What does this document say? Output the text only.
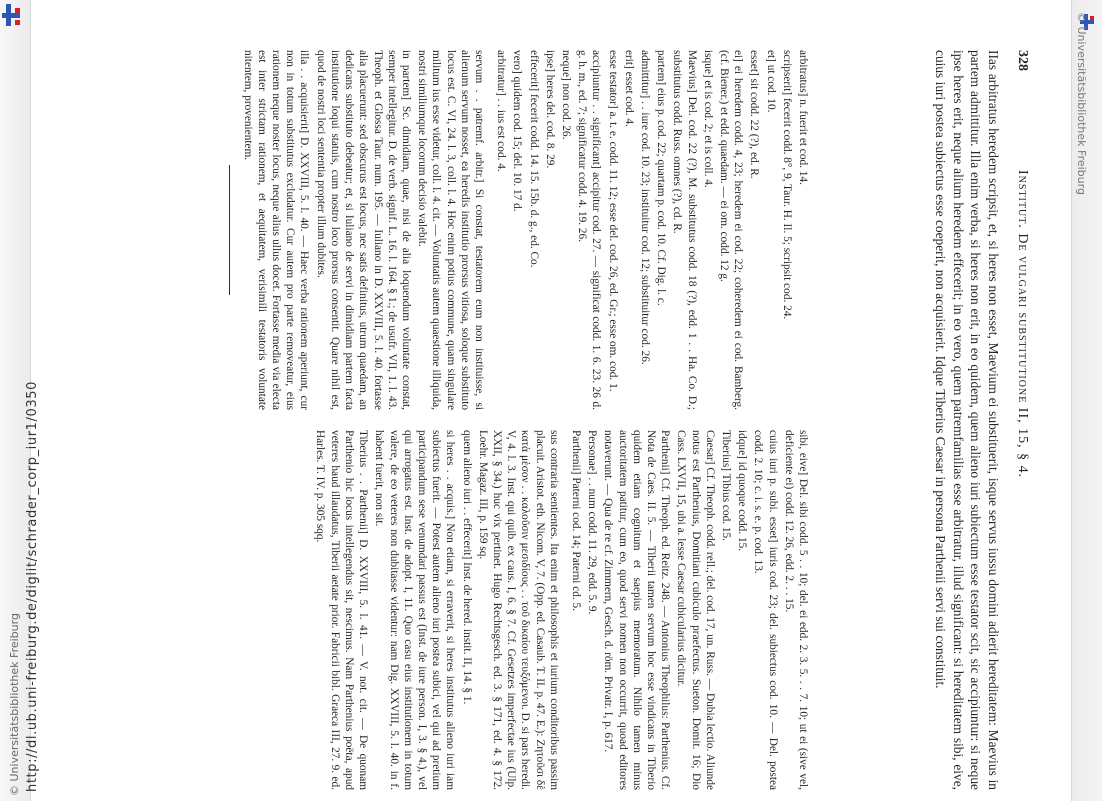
http://dl.ub.uni-freiburg.de/diglit/schrader_corp_iur1/0350
© Universitätsbibliothek Freiburg
© Universitätsbibliothek Freiburg
328
Institut. De vulgari substitutione II, 15, § 4.

IIas arbitratus heredem scripsit, et, si heres non esset, Maevium ei substituerit, isque servus iussu domini adierit hereditatem: Maevius in partem admittitur. Illa enim verba, si heres non erit, in eo quidem, quem alieno iuri subiectum esse testator scit, sic accipiuntur: si neque ipse heres erit, neque alium heredem effecerit; in eo vero, quem patremfamilias esse arbitratur, illud significant: si hereditatem sibi, eive, cuius iuri postea subiectus esse coeperit, non acquisierit. Idque Tiberius Caesar in persona Parthenii servi sui constituit.

arbitratus] n. fuerit et cod. 14.

scripserit] fecerit codd. 8°, 9, Taur. H. Il. 5; scripsit cod. 24.

et] ut cod. 10.

esset] sit codd. 22 (?), ed. R.

ei] ei heredem codd. 4, 23; heredem ei cod. 22; coheredem ei cod. Bamberg. (cf. Biener.) et edd. quaedam. — ei om. codd. 12 g.

isque] et is cod. 2; et is coll. 4.

Maevius] Del. cod. 22 (?), M. substitutus codd. 18 (?), edd. 1 . . Ha. Co. D.; substitutus codd. Russ. omnes (?), cd. R.

partem] eius p. cod. 22; quartam p. cod. 10. Cf. Dig. l. c.

admittitur] . . iure cod. 10. 23; instituitur cod. 12; substituitur cod. 26.

erit] esset cod. 4.

esse testator] a. t. e. codd. 11. 12; esse del. cod. 26, ed. Gr.; esse om. cod. 1.

accipiuntur . . significant] accipitur cod. 27. — significat codd. 1. 6. 23. 26 d. g. h. m., ed. 7; significatur codd. 4. 19. 26.

neque] non cod. 26.

ipse] heres del. cod. 8. 29.

effecerit] fecerit codd. 14. 15. 15b. d. g., ed. Co.

vero] quidem cod. 15; del. 10. 17 d.

arbitratur] . . ius est cod. 4.

servum . . patremf. arbitr.] Si constat, testatorem eum non instituisse, si alienum servum nosset, ea heredis institutio prorsus vitiosa, soloque substituto locus est. C. VI, 24. l. 3, coll. l. 4. Hoc enim potius commune, quam singulare militum ius esse videtur, coll. l. 4. cit. — Voluntatis autem quaestione illiquida, nostri similiumque locorum decisio valebit.

in partem] Sc. dimidiam, quae, nisi de alia loquendum voluntate constat, semper intellegitur. D. de verb. signif. L. 16. l. 164. § 1.; de usufr. VII, 1. l. 43. Theoph. et Glossa Taur. num. 195. — Iuliano in D. XXVIII, 5. l. 40. fortasse alia placuerunt: sed obscurus est locus, nec satis definitus, utrum quaedam, an dedicans substituto debeatur; et, si Iuliano de servi in dimidiam partem facta institutione loqui statuis, cum nostro loco prorsus consentit. Quare nihil est, quod de nostri loci sententia propter illum dubites.

illa . . acquisierit] D. XXVIII, 5. l. 40. — Haec verba rationem aperiunt, cur non in totum substitutus excludatur. Cur autem pro parte removeatur, eius rationem neque noster locus, neque alius ullus docet. Fortasse media via electa est inter strictam rationem, et aequitatem, verisimili testatoris voluntate nitentem, provenientem.

sibi, eive] Del. sibi codd. 5 . . 10; del. ei edd. 2. 3. 5. . . 7. 10; ut ei (sive vel, deficiente ei) codd. 12. 26, edd. 2. . . 15.

cuius iuri p. subi. esset] iuris cod. 23; del. subiectus cod. 10. — Del. postea codd. 2. 10; c. i. s. e. p. cod. 13.

idque] id quoque codd. 15.

Tiberius] Tibius cod. 15.

Caesar] Cf. Theoph. codd. rell.; del. cod. 17, un. Russ. — Dubia lectio. Aliunde notus est Parthenius, Domitiani cubiculo praefectus. Sueton. Domit. 16; Dio Cass. LXVII, 15, ubi a. lesse Caesar cubicularius dicitur.

Parthenii] Cf. Theoph. ed. Reitz. 248. — Antonius Theophilus: Parthenius. Cf. Nota de Caes. II. 5. — Tiberii tamen servum hoc esse vindicans in Tiberio quidem etiam cognitum et saepius memoratum. Nihilo tamen minus auctoritatem patitur, cum eo, quod servi nomen non occurrit, quoad editores notaverunt. — Qua de re cf. Zimmern, Gesch. d. röm. Privatr. I, p. 617.

Personae] . . num codd. 11. 29, edd. 5. 9.

Parthenii] Paterni cod. 14; Paterni cd. 5.

sus contraria sentientes. Ita enim et philosophis et iurium conditoribus passim placuit. Aristot. eth. Nicom. V, 7. (Opp. ed. Casaub. T. II. p. 47. E.): Ζητοῦσι δὲ κατὰ μὲσον . . καλοῦσιν μεσιδίους . . τοῦ δικαίου τευξόμενοι. D. si pars heredi. V, 4. l. 3. Inst. qui quib. ex caus. I, 6. § 7. Cf. Gesetzes imperfectae ius (Ulp. XXII, § 34.) huc vix pertinet. Hugo Rechtsgesch. ed. 3. § 171, ed. 4. § 172. Loehr. Magaz. III, p. 159 sq.

quem alieno iuri . . effecerit] Inst. de hered. instit. II, 14. § 1.

si heres . . acquis.] Non etiam, si erraverit, si heres institutus alieno iuri iam subiectus fuerit. — Potest autem alieno iuri postea subici, vel qui ad pretium participandum sese venumdari passus est (Inst. de iure person. I, 3. § 4.), vel qui arrogatus est. Inst. de adopt. I, 11. Quo casu eius institutionem in totum valere, de eo veteres non dubitasse videntur: nam Dig. XXVIII, 5. l. 40. in f. habent fuerit, non sit.

Tiberius . . Parthenii] D. XXVIII, 5. l. 41. — V. not. cit. — De quonam Parthenio hic locus intellegendus sit, nescimus. Nam Parthenius poëta, apud veteres haud illaudatus, Tiberii aetate prior. Fabricii bibl. Graeca III, 27. 9. ed. Harles. T. IV. p. 305 sqq.
